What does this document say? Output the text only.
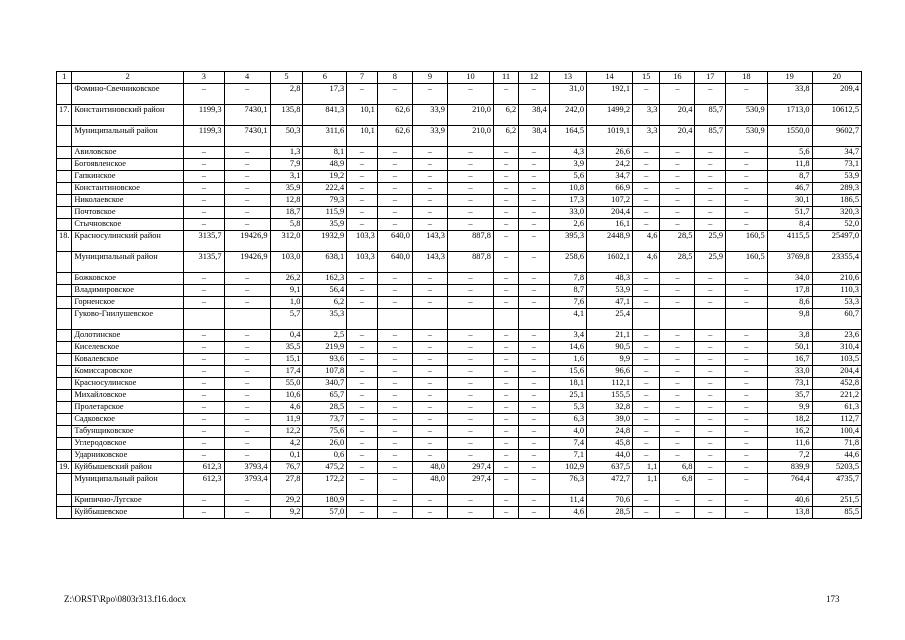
1	2	3	4	5	6	7	8	9	10	11	12	13	14	15	16	17	18	19	20
	Фомино-Свечниковское	–	–	2,8	17,3	–	–	–	–	–	–	31,0	192,1	–	–	–	–	33,8	209,4
17.	Константиновский район	1199,3	7430,1	135,8	841,3	10,1	62,6	33,9	210,0	6,2	38,4	242,0	1499,2	3,3	20,4	85,7	530,9	1713,0	10612,5
	Муниципальный район	1199,3	7430,1	50,3	311,6	10,1	62,6	33,9	210,0	6,2	38,4	164,5	1019,1	3,3	20,4	85,7	530,9	1550,0	9602,7
	Авиловское	–	–	1,3	8,1	–	–	–	–	–	–	4,3	26,6	–	–	–	–	5,6	34,7
	Богоявленское	–	–	7,9	48,9	–	–	–	–	–	–	3,9	24,2	–	–	–	–	11,8	73,1
	Гапкинское	–	–	3,1	19,2	–	–	–	–	–	–	5,6	34,7	–	–	–	–	8,7	53,9
	Константиновское	–	–	35,9	222,4	–	–	–	–	–	–	10,8	66,9	–	–	–	–	46,7	289,3
	Николаевское	–	–	12,8	79,3	–	–	–	–	–	–	17,3	107,2	–	–	–	–	30,1	186,5
	Почтовское	–	–	18,7	115,9	–	–	–	–	–	–	33,0	204,4	–	–	–	–	51,7	320,3
	Стычновское	–	–	5,8	35,9	–	–	–	–	–	–	2,6	16,1	–	–	–	–	8,4	52,0
18.	Красносулинский район	3135,7	19426,9	312,0	1932,9	103,3	640,0	143,3	887,8	–	–	395,3	2448,9	4,6	28,5	25,9	160,5	4115,5	25497,0
	Муниципальный район	3135,7	19426,9	103,0	638,1	103,3	640,0	143,3	887,8	–	–	258,6	1602,1	4,6	28,5	25,9	160,5	3769,8	23355,4
	Божковское	–	–	26,2	162,3	–	–	–	–	–	–	7,8	48,3	–	–	–	–	34,0	210,6
	Владимировское	–	–	9,1	56,4	–	–	–	–	–	–	8,7	53,9	–	–	–	–	17,8	110,3
	Горненское	–	–	1,0	6,2	–	–	–	–	–	–	7,6	47,1	–	–	–	–	8,6	53,3
	Гуково-Гнилушевское			5,7	35,3							4,1	25,4					9,8	60,7
	Долотинское	–	–	0,4	2,5	–	–	–	–	–	–	3,4	21,1	–	–	–	–	3,8	23,6
	Киселевское	–	–	35,5	219,9	–	–	–	–	–	–	14,6	90,5	–	–	–	–	50,1	310,4
	Ковалевское	–	–	15,1	93,6	–	–	–	–	–	–	1,6	9,9	–	–	–	–	16,7	103,5
	Комиссаровское	–	–	17,4	107,8	–	–	–	–	–	–	15,6	96,6	–	–	–	–	33,0	204,4
	Красносулинское	–	–	55,0	340,7	–	–	–	–	–	–	18,1	112,1	–	–	–	–	73,1	452,8
	Михайловское	–	–	10,6	65,7	–	–	–	–	–	–	25,1	155,5	–	–	–	–	35,7	221,2
	Пролетарское	–	–	4,6	28,5	–	–	–	–	–	–	5,3	32,8	–	–	–	–	9,9	61,3
	Садковское	–	–	11,9	73,7	–	–	–	–	–	–	6,3	39,0	–	–	–	–	18,2	112,7
	Табунщиковское	–	–	12,2	75,6	–	–	–	–	–	–	4,0	24,8	–	–	–	–	16,2	100,4
	Углеродовское	–	–	4,2	26,0	–	–	–	–	–	–	7,4	45,8	–	–	–	–	11,6	71,8
	Ударниковское	–	–	0,1	0,6	–	–	–	–	–	–	7,1	44,0	–	–	–	–	7,2	44,6
19.	Куйбышевский район	612,3	3793,4	76,7	475,2	–	–	48,0	297,4	–	–	102,9	637,5	1,1	6,8	–	–	839,9	5203,5
	Муниципальный район	612,3	3793,4	27,8	172,2	–	–	48,0	297,4	–	–	76,3	472,7	1,1	6,8	–	–	764,4	4735,7
	Крипично-Лугское	–	–	29,2	180,9	–	–	–	–	–	–	11,4	70,6	–	–	–	–	40,6	251,5
	Куйбышевское	–	–	9,2	57,0	–	–	–	–	–	–	4,6	28,5	–	–	–	–	13,8	85,5
Z:\ORST\Rpo\0803r313.f16.docx	173
